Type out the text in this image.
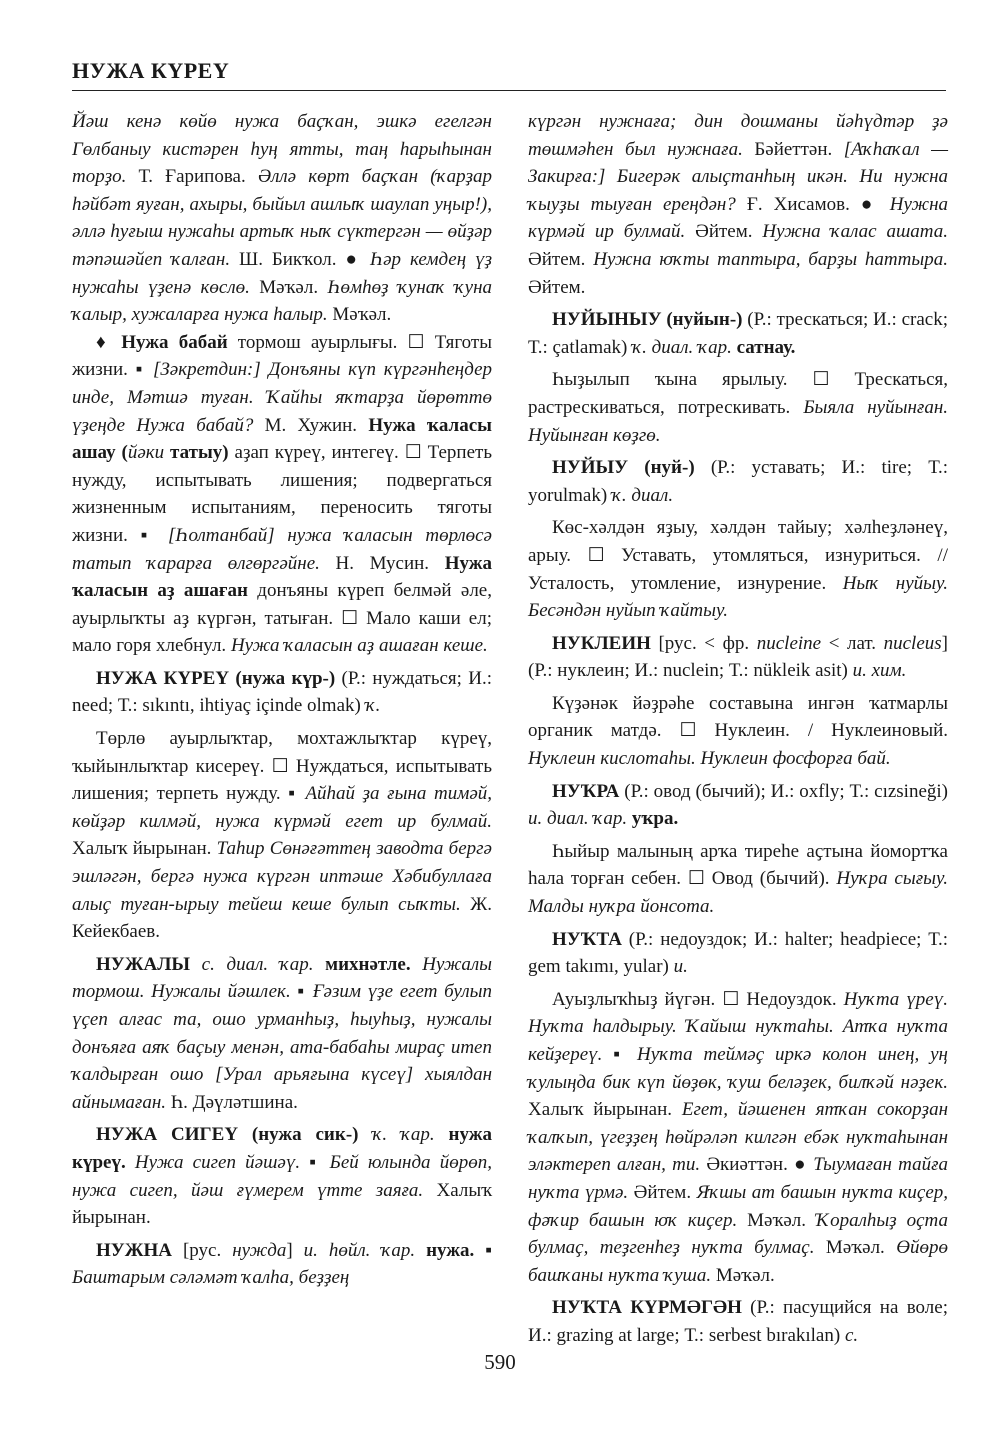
НУЖА КҮРЕҮ

Йәш кенә көйө нужа баҫҡан, эшкә егелгән Гөлбаныу кистәрен һуң ятты, таң һарыһынан торҙо. Т. Ғарипова. Әллә көрт баҫҡан (ҡарҙар һәйбәт яуған, ахыры, быйыл ашлыҡ шаулап уңыр!), әллә һуғыш нужаһы артыҡ ныҡ сүктергән — өйҙәр тәпәшәйеп ҡалған. Ш. Бикҡол. ● Һәр кемдең үҙ нужаһы үҙенә көслө. Мәҡәл. Һөмһөҙ ҡунаҡ ҡуна ҡалыр, хужаларға нужа һалыр. Мәҡәл.

♦ Нужа бабай тормош ауырлығы. ☐ Тяготы жизни. ▪ [Зәкретдин:] Донъяны күп күргәнһеңдер инде, Мәтшә туған. Ҡайһы яҡтарҙа йөрөттө үҙеңде Нужа бабай? М. Хужин. Нужа ҡаласы ашау (йәки татыу) аҙап күреү, интегеү. ☐ Терпеть нужду, испытывать лишения; подвергаться жизненным испытаниям, переносить тяготы жизни. ▪ [Һолтанбай] нужа ҡаласын төрлөсә татып ҡарарға өлгөргәйне. Н. Мусин. Нужа ҡаласын аҙ ашаған донъяны күреп белмәй әле, ауырлыҡты аҙ күргән, татыған. ☐ Мало каши ел; мало горя хлебнул. Нужа ҡаласын аҙ ашаған кеше.

НУЖА КҮРЕҮ (нужа күр-) (Р.: нуждаться; И.: need; Т.: sıkıntı, ihtiyaç içinde olmak) ҡ.

Төрлө ауырлыҡтар, мохтажлыҡтар күреү, ҡыйынлыҡтар кисереү. ☐ Нуждаться, испытывать лишения; терпеть нужду. ▪ Айһай ҙа ғына тимәй, көйҙәр килмәй, нужа күрмәй егет ир булмай. Халыҡ йырынан. Таһир Сөнәғәттең заводта бергә эшләгән, бергә нужа күргән иптәше Хәбибуллаға алыҫ туған-ырыу тейеш кеше булып сыҡты. Ж. Кейекбаев.

НУЖАЛЫ с. диал. ҡар. михнәтле. Нужалы тормош. Нужалы йәшлек. ▪ Ғәзим үҙе егет булып үҫеп алғас та, ошо урманһыҙ, һыуһыҙ, нужалы донъяға аяҡ баҫыу менән, ата-бабаһы мираҫ итеп ҡалдырған ошо [Урал арьяғына күсеү] хыялдан айнымаған. Һ. Дәүләтшина.

НУЖА СИГЕҮ (нужа сик-) ҡ. ҡар. нужа күреү. Нужа сигеп йәшәү. ▪ Бей юлында йөрөп, нужа сигеп, йәш ғүмерем үтте заяға. Халыҡ йырынан.

НУЖНА [рус. нужда] и. һөйл. ҡар. нужа. ▪ Баштарым сәләмәт ҡалһа, беҙҙең

күргән нужнаға; дин дошманы йәһүдтәр ҙә төшмәһен был нужнаға. Бәйеттән. [Аҡһаҡал — Закирға:] Бигерәк алыҫтанһың икән. Ни нужна ҡыуҙы тыуған ереңдән? Ғ. Хисамов. ● Нужна күрмәй ир булмай. Әйтем. Нужна ҡалас ашата. Әйтем. Нужна юҡты таптыра, барҙы һаттыра. Әйтем.

НУЙЫНЫУ (нуйын-) (Р.: трескаться; И.: crack; Т.: çatlamak) ҡ. диал. ҡар. сатнау.

Һыҙылып ҡына ярылыу. ☐ Трескаться, растрескиваться, потрескивать. Быяла нуйынған. Нуйынған көҙгө.

НУЙЫУ (нуй-) (Р.: уставать; И.: tire; Т.: yorulmak) ҡ. диал.

Көс-хәлдән яҙыу, хәлдән тайыу; хәлһеҙләнеү, арыу. ☐ Уставать, утомляться, изнуриться. // Усталость, утомление, изнурение. Ныҡ нуйыу. Бесәндән нуйып ҡайтыу.

НУКЛЕИН [рус. < фр. nucleine < лат. nucleus] (Р.: нуклеин; И.: nuclein; Т.: nükleik asit) и. хим.

Күҙәнәк йәҙрәһе составына ингән ҡатмарлы органик матдә. ☐ Нуклеин. / Нуклеиновый. Нуклеин кислотаһы. Нуклеин фосфорға бай.

НУҠРА (Р.: овод (бычий); И.: oxfly; Т.: cızsineği) и. диал. ҡар. уҡра.

Һыйыр малының арҡа тиреһе аҫтына йомортҡа һала торған себен. ☐ Овод (бычий). Нуҡра сығыу. Малды нуҡра йонсота.

НУҠТА (Р.: недоуздок; И.: halter; headpiece; Т.: gem takımı, yular) и.

Ауыҙлыҡһыҙ йүгән. ☐ Недоуздок. Нуҡта үреү. Нуҡта һалдырыу. Ҡайыш нуҡтаһы. Атҡа нуҡта кейҙереү. ▪ Нуҡта теймәҫ иркә колон инең, уң ҡулыңда бик күп йөҙөк, ҡуш беләҙек, билҡәй нәҙек. Халыҡ йырынан. Егет, йәшенен ятҡан сокорҙан ҡалҡып, үгеҙҙең һөйрәләп килгән ебәк нуҡтаһынан эләктереп алған, ти. Әкиәттән. ● Тыумаған тайға нуҡта үрмә. Әйтем. Яҡшы ат башын нуҡта киҫер, фәҡир башын юҡ киҫер. Мәҡәл. Ҡоралһыҙ оҫта булмаҫ, теҙгенһеҙ нуҡта булмаҫ. Мәҡәл. Өйөрө башҡаны нуҡта ҡуша. Мәҡәл.

НУҠТА КҮРМӘГӘН (Р.: пасущийся на воле; И.: grazing at large; Т.: serbest bırakılan) с.

590
